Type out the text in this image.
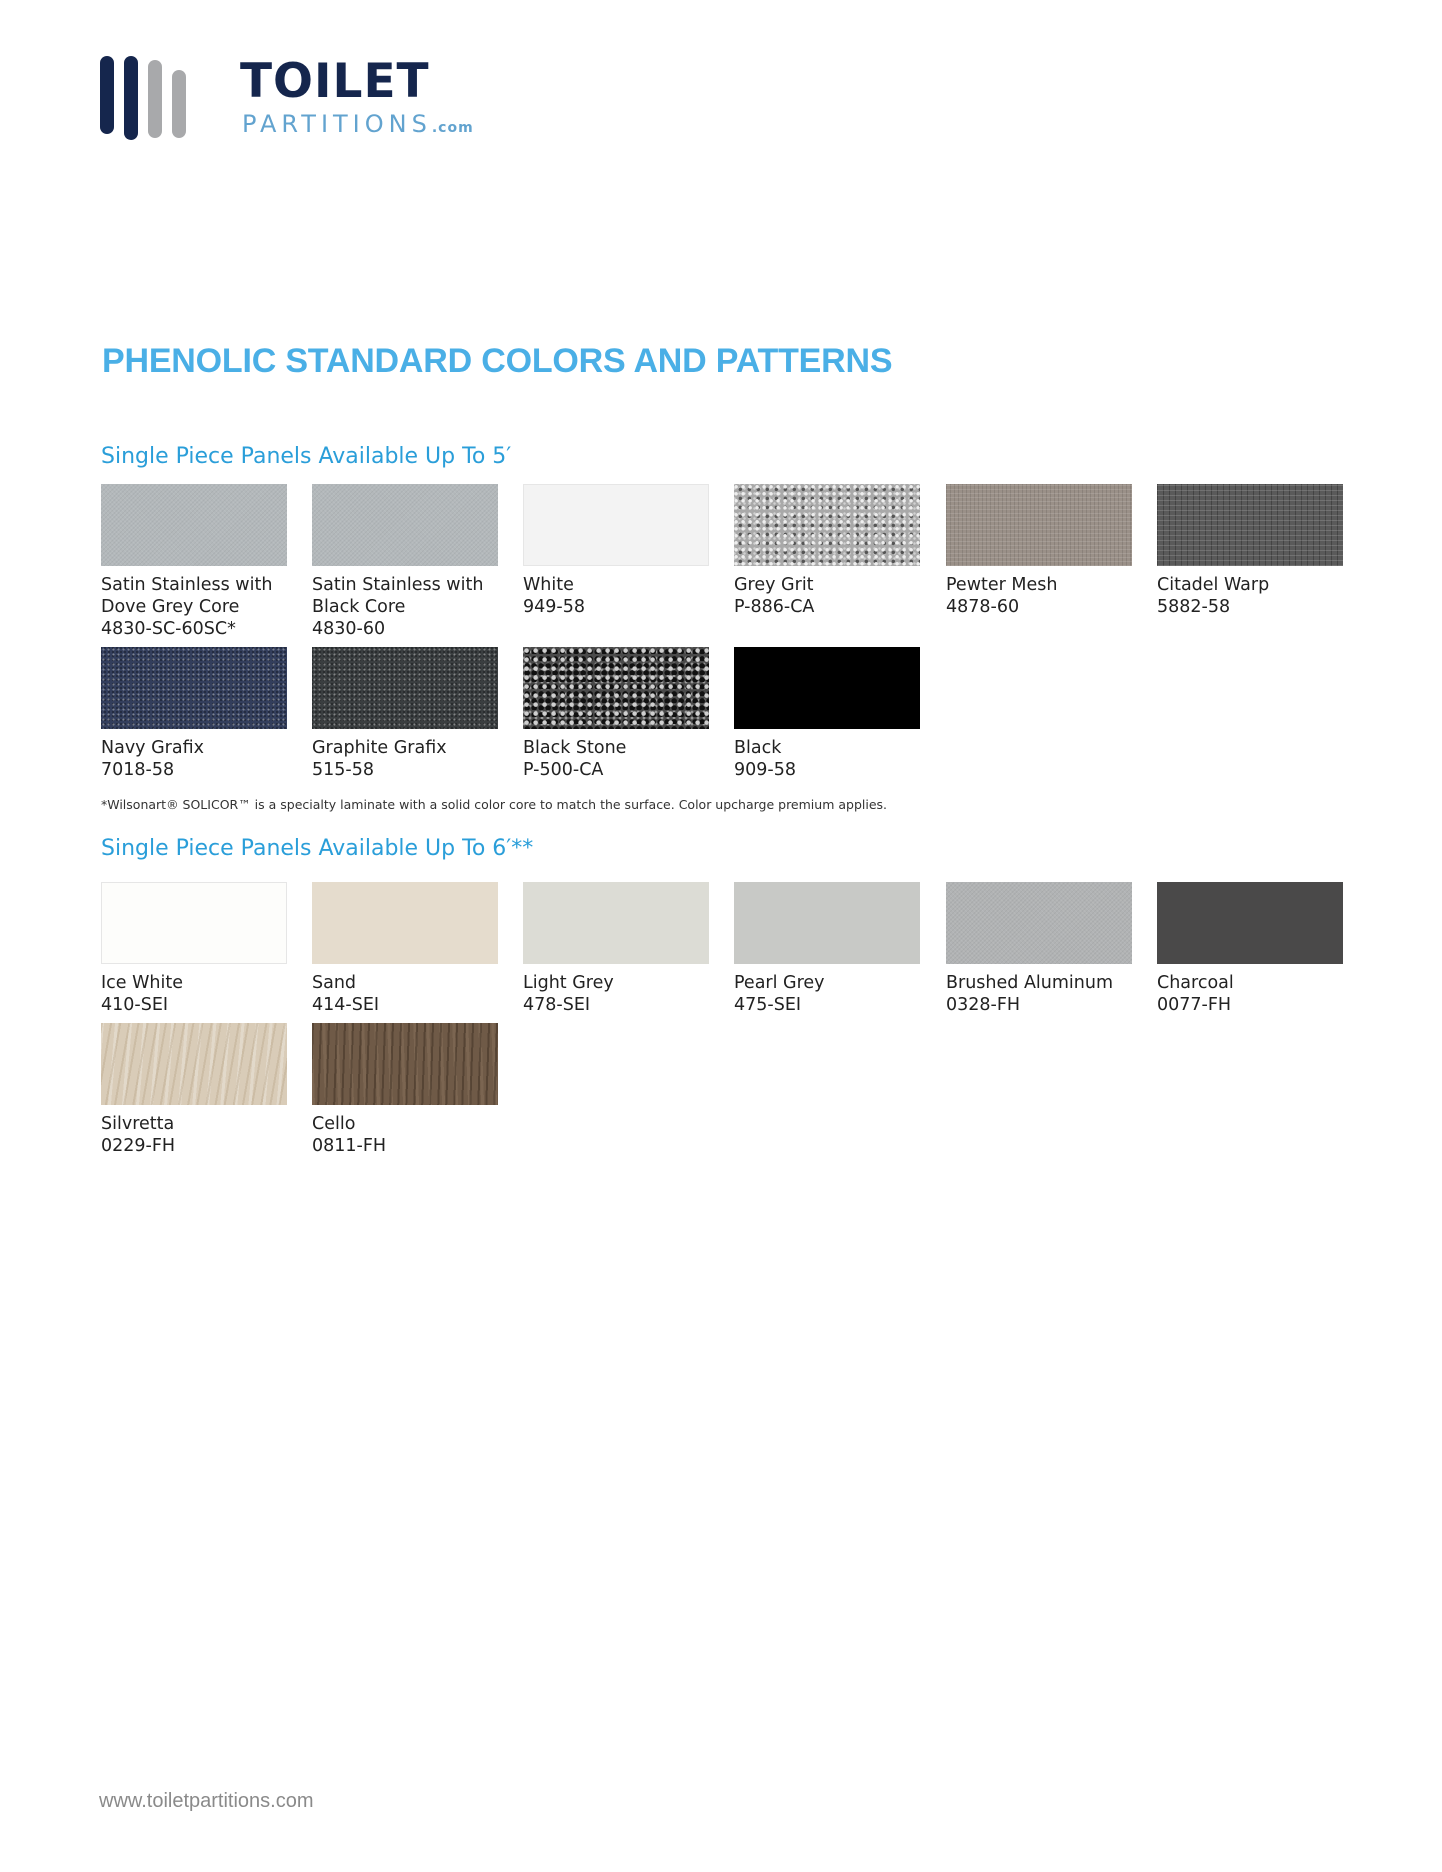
TOILET
PARTITIONS.com
PHENOLIC STANDARD COLORS AND PATTERNS
Single Piece Panels Available Up To 5′
Satin Stainless with
Dove Grey Core
4830-SC-60SC*
Satin Stainless with
Black Core
4830-60
White
949-58
Grey Grit
P-886-CA
Pewter Mesh
4878-60
Citadel Warp
5882-58
Navy Grafix
7018-58
Graphite Grafix
515-58
Black Stone
P-500-CA
Black
909-58
*Wilsonart® SOLICOR™ is a specialty laminate with a solid color core to match the surface. Color upcharge premium applies.
Single Piece Panels Available Up To 6′**
Ice White
410-SEI
Sand
414-SEI
Light Grey
478-SEI
Pearl Grey
475-SEI
Brushed Aluminum
0328-FH
Charcoal
0077-FH
Silvretta
0229-FH
Cello
0811-FH
www.toiletpartitions.com
